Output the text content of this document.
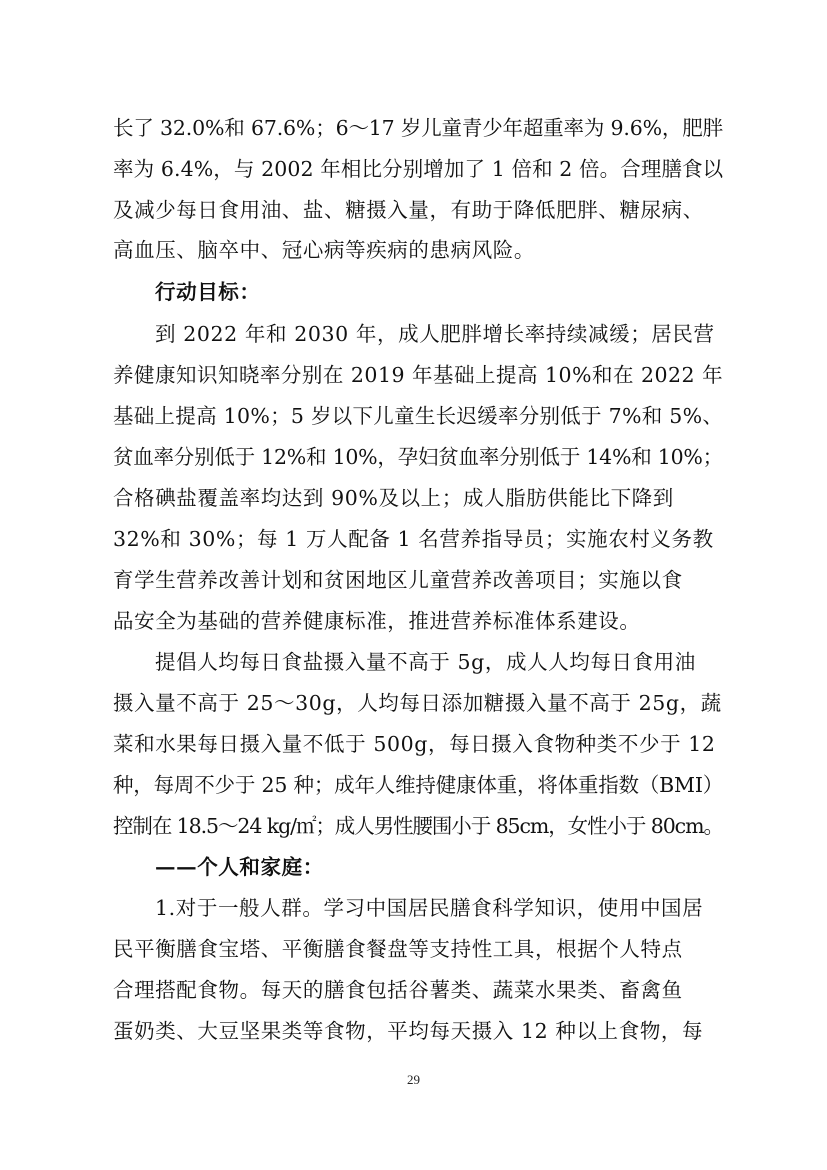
长了 32.0%和 67.6%；6～17 岁儿童青少年超重率为 9.6%，肥胖
率为 6.4%，与 2002 年相比分别增加了 1 倍和 2 倍。合理膳食以
及减少每日食用油、盐、糖摄入量，有助于降低肥胖、糖尿病、
高血压、脑卒中、冠心病等疾病的患病风险。
行动目标：
到 2022 年和 2030 年，成人肥胖增长率持续减缓；居民营
养健康知识知晓率分别在 2019 年基础上提高 10%和在 2022 年
基础上提高 10%；5 岁以下儿童生长迟缓率分别低于 7%和 5%、
贫血率分别低于 12%和 10%，孕妇贫血率分别低于 14%和 10%；
合格碘盐覆盖率均达到 90%及以上；成人脂肪供能比下降到
32%和 30%；每 1 万人配备 1 名营养指导员；实施农村义务教
育学生营养改善计划和贫困地区儿童营养改善项目；实施以食
品安全为基础的营养健康标准，推进营养标准体系建设。
提倡人均每日食盐摄入量不高于 5g，成人人均每日食用油
摄入量不高于 25～30g，人均每日添加糖摄入量不高于 25g，蔬
菜和水果每日摄入量不低于 500g，每日摄入食物种类不少于 12
种，每周不少于 25 种；成年人维持健康体重，将体重指数（BMI）
控制在 18.5～24 kg/㎡；成人男性腰围小于 85cm，女性小于 80cm。
——个人和家庭：
1.对于一般人群。学习中国居民膳食科学知识，使用中国居
民平衡膳食宝塔、平衡膳食餐盘等支持性工具，根据个人特点
合理搭配食物。每天的膳食包括谷薯类、蔬菜水果类、畜禽鱼
蛋奶类、大豆坚果类等食物，平均每天摄入 12 种以上食物，每
29
